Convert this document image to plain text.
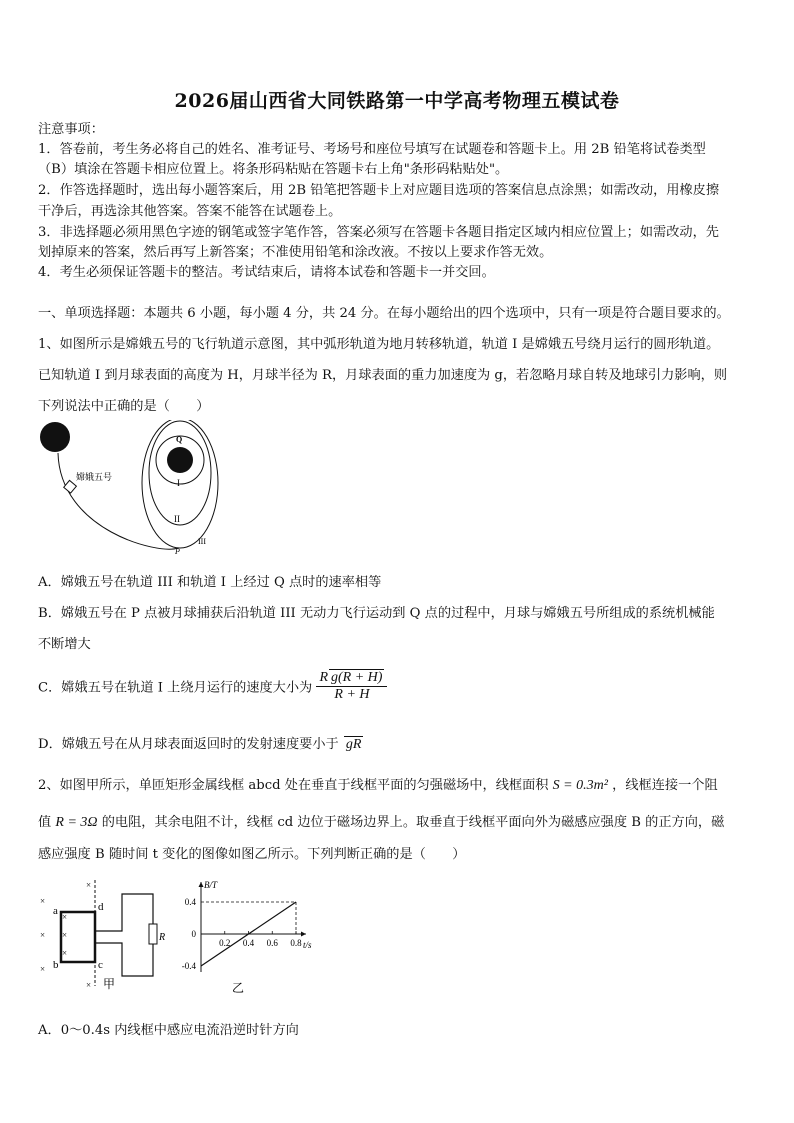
2026届山西省大同铁路第一中学高考物理五模试卷
注意事项：
1．答卷前，考生务必将自己的姓名、准考证号、考场号和座位号填写在试题卷和答题卡上。用 2B 铅笔将试卷类型
（B）填涂在答题卡相应位置上。将条形码粘贴在答题卡右上角"条形码粘贴处"。
2．作答选择题时，选出每小题答案后，用 2B 铅笔把答题卡上对应题目选项的答案信息点涂黑；如需改动，用橡皮擦
干净后，再选涂其他答案。答案不能答在试题卷上。
3．非选择题必须用黑色字迹的钢笔或签字笔作答，答案必须写在答题卡各题目指定区域内相应位置上；如需改动，先
划掉原来的答案，然后再写上新答案；不准使用铅笔和涂改液。不按以上要求作答无效。
4．考生必须保证答题卡的整洁。考试结束后，请将本试卷和答题卡一并交回。
一、单项选择题：本题共 6 小题，每小题 4 分，共 24 分。在每小题给出的四个选项中，只有一项是符合题目要求的。
1、如图所示是嫦娥五号的飞行轨道示意图，其中弧形轨道为地月转移轨道，轨道 I 是嫦娥五号绕月运行的圆形轨道。
已知轨道 I 到月球表面的高度为 H，月球半径为 R，月球表面的重力加速度为 g，若忽略月球自转及地球引力影响，则
下列说法中正确的是（　　）
嫦娥五号
Q
I
II
III
P
A．嫦娥五号在轨道 III 和轨道 I 上经过 Q 点时的速率相等
B．嫦娥五号在 P 点被月球捕获后沿轨道 III 无动力飞行运动到 Q 点的过程中，月球与嫦娥五号所组成的系统机械能
不断增大
C．嫦娥五号在轨道 I 上绕月运行的速度大小为 $\frac{\text{R g(R + H)}}{R + H}$
D．嫦娥五号在从月球表面返回时的发射速度要小于 gR
2、如图甲所示，单匝矩形金属线框 abcd 处在垂直于线框平面的匀强磁场中，线框面积 S = 0.3m² ，线框连接一个阻
值 R = 3Ω 的电阻，其余电阻不计，线框 cd 边位于磁场边界上。取垂直于线框平面向外为磁感应强度 B 的正方向，磁
感应强度 B 随时间 t 变化的图像如图乙所示。下列判断正确的是（　　）
×
×
×
×
×
×
×
×
a
b	c
d
R
甲
B/T
t/s
0.4
0
-0.4
0.2 0.4 0.6 0.8
乙
A．0～0.4s 内线框中感应电流沿逆时针方向
